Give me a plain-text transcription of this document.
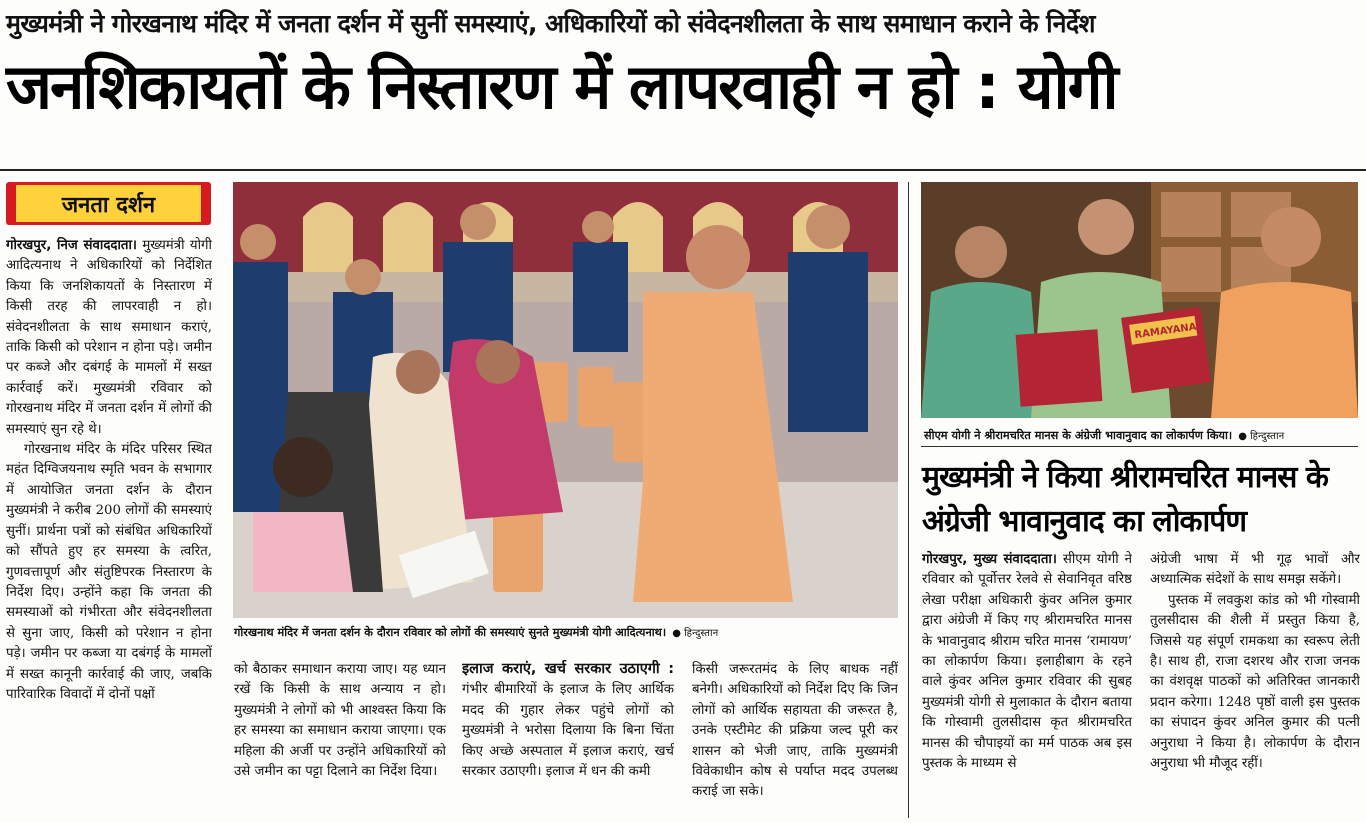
मुख्यमंत्री ने गोरखनाथ मंदिर में जनता दर्शन में सुनीं समस्याएं, अधिकारियों को संवेदनशीलता के साथ समाधान कराने के निर्देश
जनशिकायतों के निस्तारण में लापरवाही न हो : योगी
जनता दर्शन

गोरखपुर, निज संवाददाता। मुख्यमंत्री योगी आदित्यनाथ ने अधिकारियों को निर्देशित किया कि जनशिकायतों के निस्तारण में किसी तरह की लापरवाही न हो। संवेदनशीलता के साथ समाधान कराएं, ताकि किसी को परेशान न होना पड़े। जमीन पर कब्जे और दबंगई के मामलों में सख्त कार्रवाई करें। मुख्यमंत्री रविवार को गोरखनाथ मंदिर में जनता दर्शन में लोगों की समस्याएं सुन रहे थे।

गोरखनाथ मंदिर के मंदिर परिसर स्थित महंत दिग्विजयनाथ स्मृति भवन के सभागार में आयोजित जनता दर्शन के दौरान मुख्यमंत्री ने करीब 200 लोगों की समस्याएं सुनीं। प्रार्थना पत्रों को संबंधित अधिकारियों को सौंपते हुए हर समस्या के त्वरित, गुणवत्तापूर्ण और संतुष्टिपरक निस्तारण के निर्देश दिए। उन्होंने कहा कि जनता की समस्याओं को गंभीरता और संवेदनशीलता से सुना जाए, किसी को परेशान न होना पड़े। जमीन पर कब्जा या दबंगई के मामलों में सख्त कानूनी कार्रवाई की जाए, जबकि पारिवारिक विवादों में दोनों पक्षों

गोरखनाथ मंदिर में जनता दर्शन के दौरान रविवार को लोगों की समस्याएं सुनते मुख्यमंत्री योगी आदित्यनाथ। ● हिन्दुस्तान

को बैठाकर समाधान कराया जाए। यह ध्यान रखें कि किसी के साथ अन्याय न हो। मुख्यमंत्री ने लोगों को भी आश्वस्त किया कि हर समस्या का समाधान कराया जाएगा। एक महिला की अर्जी पर उन्होंने अधिकारियों को उसे जमीन का पट्टा दिलाने का निर्देश दिया।

इलाज कराएं, खर्च सरकार उठाएगी : गंभीर बीमारियों के इलाज के लिए आर्थिक मदद की गुहार लेकर पहुंचे लोगों को मुख्यमंत्री ने भरोसा दिलाया कि बिना चिंता किए अच्छे अस्पताल में इलाज कराएं, खर्च सरकार उठाएगी। इलाज में धन की कमी

किसी जरूरतमंद के लिए बाधक नहीं बनेगी। अधिकारियों को निर्देश दिए कि जिन लोगों को आर्थिक सहायता की जरूरत है, उनके एस्टीमेट की प्रक्रिया जल्द पूरी कर शासन को भेजी जाए, ताकि मुख्यमंत्री विवेकाधीन कोष से पर्याप्त मदद उपलब्ध कराई जा सके।

RAMAYANA
सीएम योगी ने श्रीरामचरित मानस के अंग्रेजी भावानुवाद का लोकार्पण किया। ● हिन्दुस्तान
मुख्यमंत्री ने किया श्रीरामचरित मानस के अंग्रेजी भावानुवाद का लोकार्पण

गोरखपुर, मुख्य संवाददाता। सीएम योगी ने रविवार को पूर्वोत्तर रेलवे से सेवानिवृत वरिष्ठ लेखा परीक्षा अधिकारी कुंवर अनिल कुमार द्वारा अंग्रेजी में किए गए श्रीरामचरित मानस के भावानुवाद श्रीराम चरित मानस ‘रामायण’ का लोकार्पण किया। इलाहीबाग के रहने वाले कुंवर अनिल कुमार रविवार की सुबह मुख्यमंत्री योगी से मुलाकात के दौरान बताया कि गोस्वामी तुलसीदास कृत श्रीरामचरित मानस की चौपाइयों का मर्म पाठक अब इस पुस्तक के माध्यम से

अंग्रेजी भाषा में भी गूढ़ भावों और अध्यात्मिक संदेशों के साथ समझ सकेंगे।

पुस्तक में लवकुश कांड को भी गोस्वामी तुलसीदास की शैली में प्रस्तुत किया है, जिससे यह संपूर्ण रामकथा का स्वरूप लेती है। साथ ही, राजा दशरथ और राजा जनक का वंशवृक्ष पाठकों को अतिरिक्त जानकारी प्रदान करेगा। 1248 पृष्ठों वाली इस पुस्तक का संपादन कुंवर अनिल कुमार की पत्नी अनुराधा ने किया है। लोकार्पण के दौरान अनुराधा भी मौजूद रहीं।
